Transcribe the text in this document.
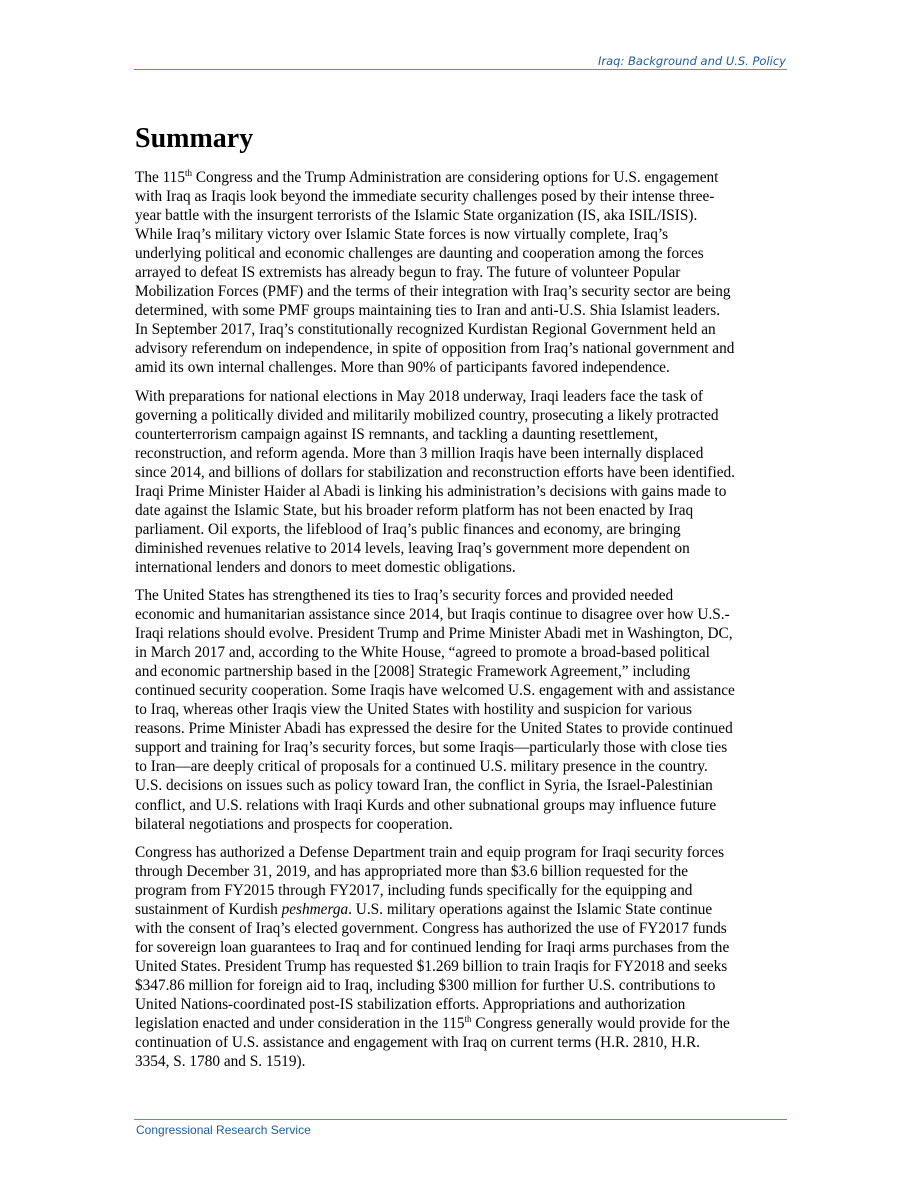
Iraq: Background and U.S. Policy
Summary

The 115th Congress and the Trump Administration are considering options for U.S. engagement
with Iraq as Iraqis look beyond the immediate security challenges posed by their intense three-
year battle with the insurgent terrorists of the Islamic State organization (IS, aka ISIL/ISIS).
While Iraq’s military victory over Islamic State forces is now virtually complete, Iraq’s
underlying political and economic challenges are daunting and cooperation among the forces
arrayed to defeat IS extremists has already begun to fray. The future of volunteer Popular
Mobilization Forces (PMF) and the terms of their integration with Iraq’s security sector are being
determined, with some PMF groups maintaining ties to Iran and anti-U.S. Shia Islamist leaders.
In September 2017, Iraq’s constitutionally recognized Kurdistan Regional Government held an
advisory referendum on independence, in spite of opposition from Iraq’s national government and
amid its own internal challenges. More than 90% of participants favored independence.

With preparations for national elections in May 2018 underway, Iraqi leaders face the task of
governing a politically divided and militarily mobilized country, prosecuting a likely protracted
counterterrorism campaign against IS remnants, and tackling a daunting resettlement,
reconstruction, and reform agenda. More than 3 million Iraqis have been internally displaced
since 2014, and billions of dollars for stabilization and reconstruction efforts have been identified.
Iraqi Prime Minister Haider al Abadi is linking his administration’s decisions with gains made to
date against the Islamic State, but his broader reform platform has not been enacted by Iraq
parliament. Oil exports, the lifeblood of Iraq’s public finances and economy, are bringing
diminished revenues relative to 2014 levels, leaving Iraq’s government more dependent on
international lenders and donors to meet domestic obligations.

The United States has strengthened its ties to Iraq’s security forces and provided needed
economic and humanitarian assistance since 2014, but Iraqis continue to disagree over how U.S.-
Iraqi relations should evolve. President Trump and Prime Minister Abadi met in Washington, DC,
in March 2017 and, according to the White House, “agreed to promote a broad-based political
and economic partnership based in the [2008] Strategic Framework Agreement,” including
continued security cooperation. Some Iraqis have welcomed U.S. engagement with and assistance
to Iraq, whereas other Iraqis view the United States with hostility and suspicion for various
reasons. Prime Minister Abadi has expressed the desire for the United States to provide continued
support and training for Iraq’s security forces, but some Iraqis—particularly those with close ties
to Iran—are deeply critical of proposals for a continued U.S. military presence in the country.
U.S. decisions on issues such as policy toward Iran, the conflict in Syria, the Israel-Palestinian
conflict, and U.S. relations with Iraqi Kurds and other subnational groups may influence future
bilateral negotiations and prospects for cooperation.

Congress has authorized a Defense Department train and equip program for Iraqi security forces
through December 31, 2019, and has appropriated more than $3.6 billion requested for the
program from FY2015 through FY2017, including funds specifically for the equipping and
sustainment of Kurdish peshmerga. U.S. military operations against the Islamic State continue
with the consent of Iraq’s elected government. Congress has authorized the use of FY2017 funds
for sovereign loan guarantees to Iraq and for continued lending for Iraqi arms purchases from the
United States. President Trump has requested $1.269 billion to train Iraqis for FY2018 and seeks
$347.86 million for foreign aid to Iraq, including $300 million for further U.S. contributions to
United Nations-coordinated post-IS stabilization efforts. Appropriations and authorization
legislation enacted and under consideration in the 115th Congress generally would provide for the
continuation of U.S. assistance and engagement with Iraq on current terms (H.R. 2810, H.R.
3354, S. 1780 and S. 1519).

Congressional Research Service
